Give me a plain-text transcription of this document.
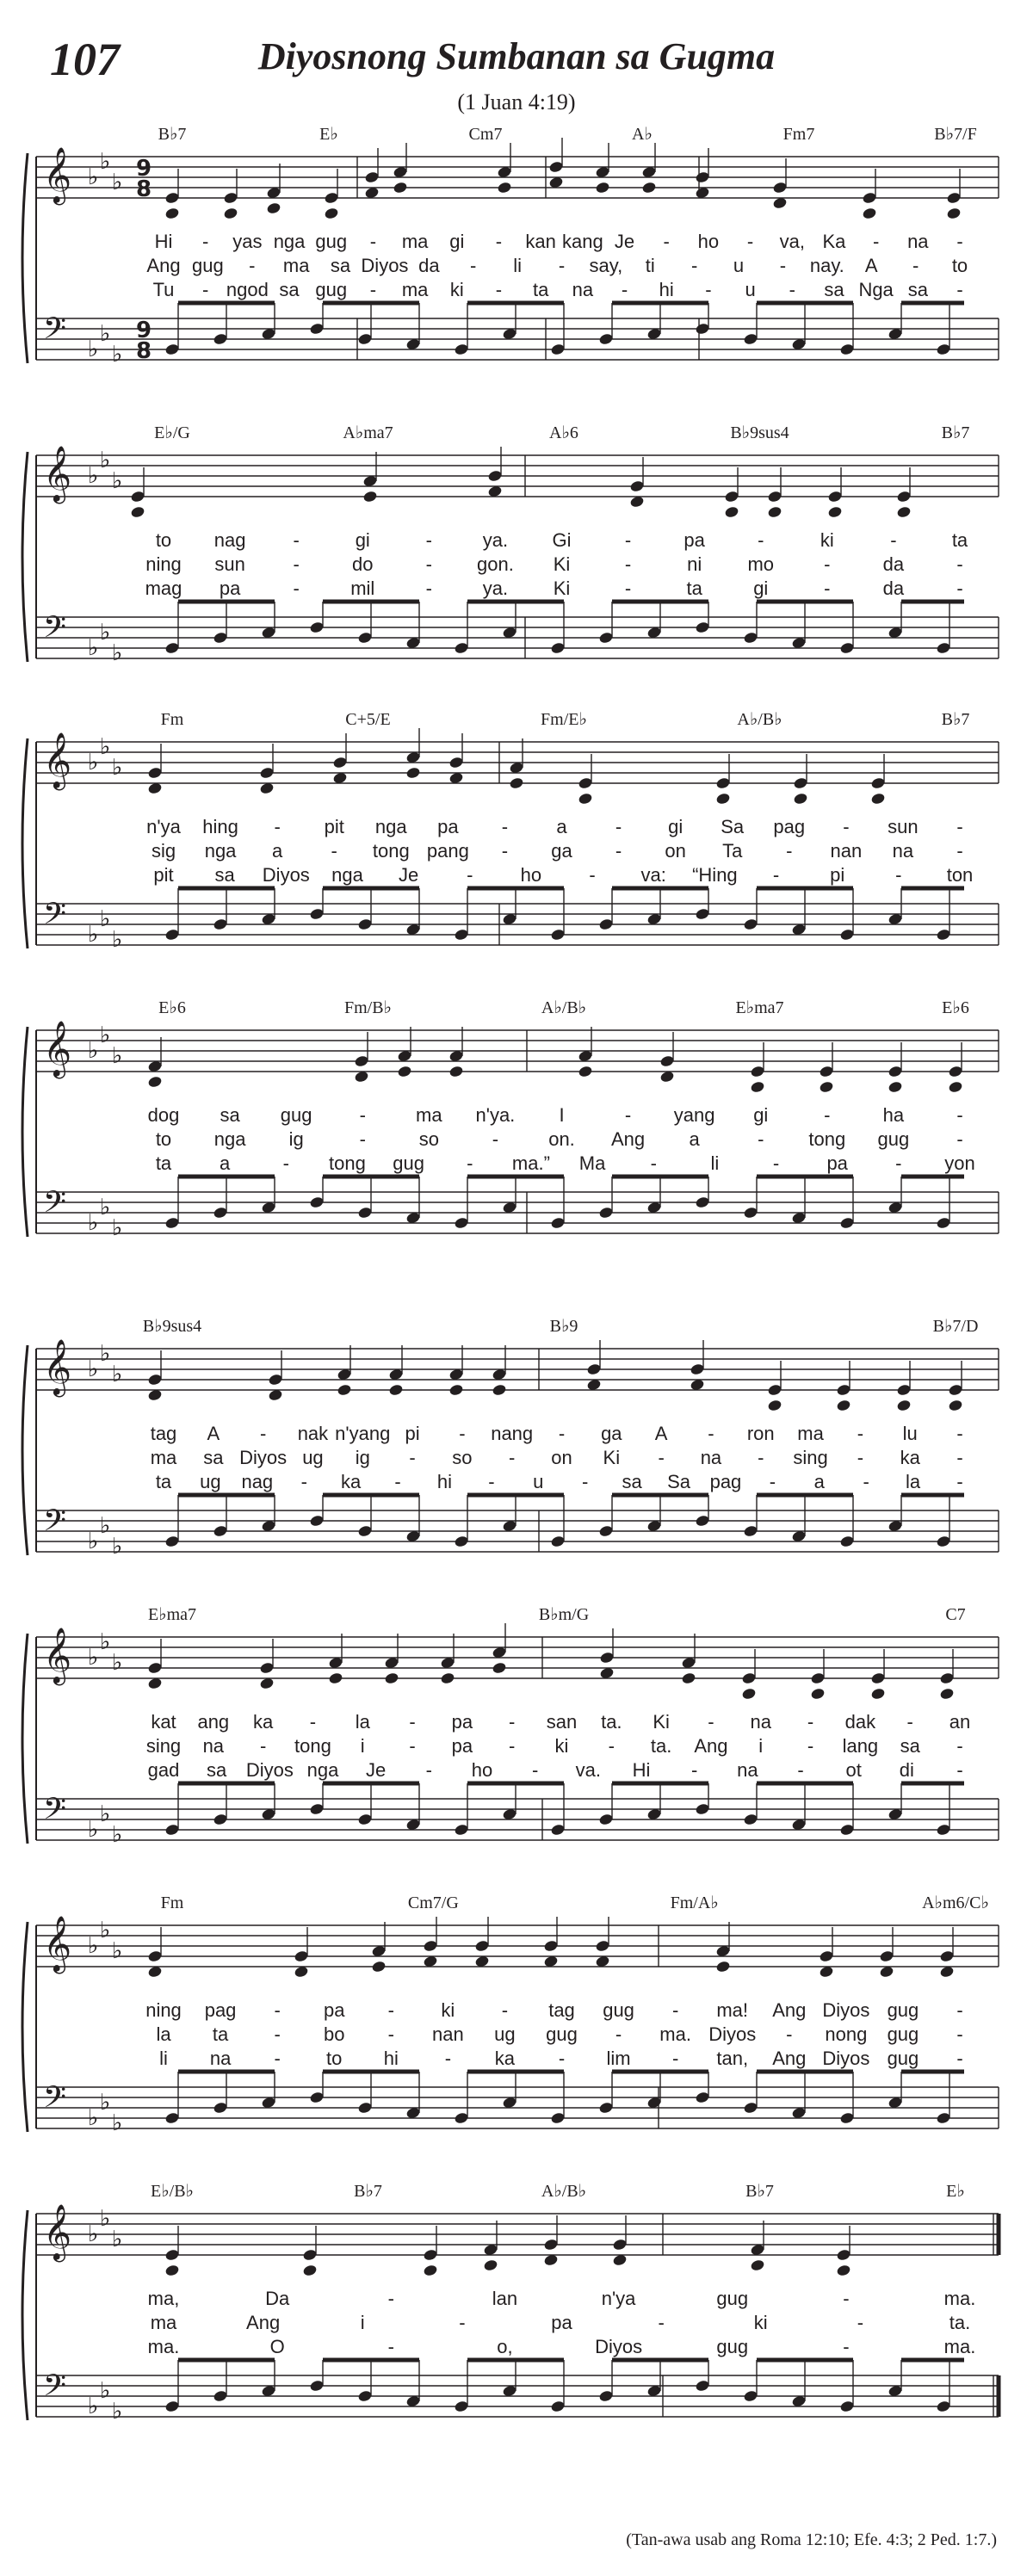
107	Diyosnong Sumbanan sa Gugma
(1 Juan 4:19)
B♭7	E♭	Cm7	A♭	Fm7	B♭7/F
𝄞
𝄢
♭
♭
♭
♭
♭
♭
9
8
9
8
Hi - yas nga gug - ma gi - kan kang Je - ho - va, Ka - na -
Ang gug - ma sa Diyos da - li - say, ti - u - nay. A - to
Tu - ngod sa gug - ma ki - ta na - hi - u - sa Nga sa -
E♭/G	A♭ma7	A♭6	B♭9sus4	B♭7
𝄞
𝄢
♭
♭
♭
♭
♭
♭
to nag	-	gi	-	ya. Gi	-	pa	-	ki	-	ta
ning sun	-	do	- gon. Ki	-	ni mo	-	da	-
mag pa	-	mil	-	ya. Ki	-	ta	gi	-	da	-
Fm	C+5/E	Fm/E♭	A♭/B♭	B♭7
𝄞
𝄢
♭
♭
♭
♭
♭
♭
n'ya hing - pit nga pa -	a	- gi Sa pag - sun -
sig nga a	- tong pang - ga - on Ta - nan na -
pit sa Diyos nga Je	-	ho	- va: “Hing -	pi	- ton
E♭6	Fm/B♭	A♭/B♭	E♭ma7	E♭6
𝄞
𝄢
♭
♭
♭
♭
♭
♭
dog sa gug	-	ma n'ya. I	- yang gi	-	ha	-
to nga ig	-	so	-	on. Ang a	- tong gug	-
ta	a	- tong gug - ma.” Ma -	li	-	pa	- yon
B♭9sus4	B♭9	B♭7/D
𝄞
𝄢
♭
♭
♭
♭
♭
♭
tag A - nak n'yang pi - nang - ga A - ron ma - lu -
ma sa Diyos ug ig - so - on Ki - na - sing - ka -
ta ug nag - ka - hi - u - sa Sa pag - a - la -
E♭ma7	B♭m/G	C7
𝄞
𝄢
♭
♭
♭
♭
♭
♭
kat ang ka - la - pa - san ta. Ki - na - dak - an
sing na - tong i - pa - ki - ta. Ang i - lang sa -
gad sa Diyos nga Je - ho - va. Hi - na - ot di -
Fm	Cm7/G	Fm/A♭	A♭m6/C♭
𝄞
𝄢
♭
♭
♭
♭
♭
♭
ning pag - pa - ki - tag gug - ma! Ang Diyos gug -
la ta - bo - nan ug gug - ma. Diyos - nong gug -
li na - to hi - ka - lim - tan, Ang Diyos gug -
E♭/B♭	B♭7	A♭/B♭	B♭7	E♭
𝄞
𝄢
♭
♭
♭
♭
♭
♭
ma,	Da	-	lan	n'ya	gug	-	ma.
ma	Ang	i	-	pa	-	ki	-	ta.
ma.	O	-	o,	Diyos	gug	-	ma.
(Tan-awa usab ang Roma 12:10; Efe. 4:3; 2 Ped. 1:7.)
